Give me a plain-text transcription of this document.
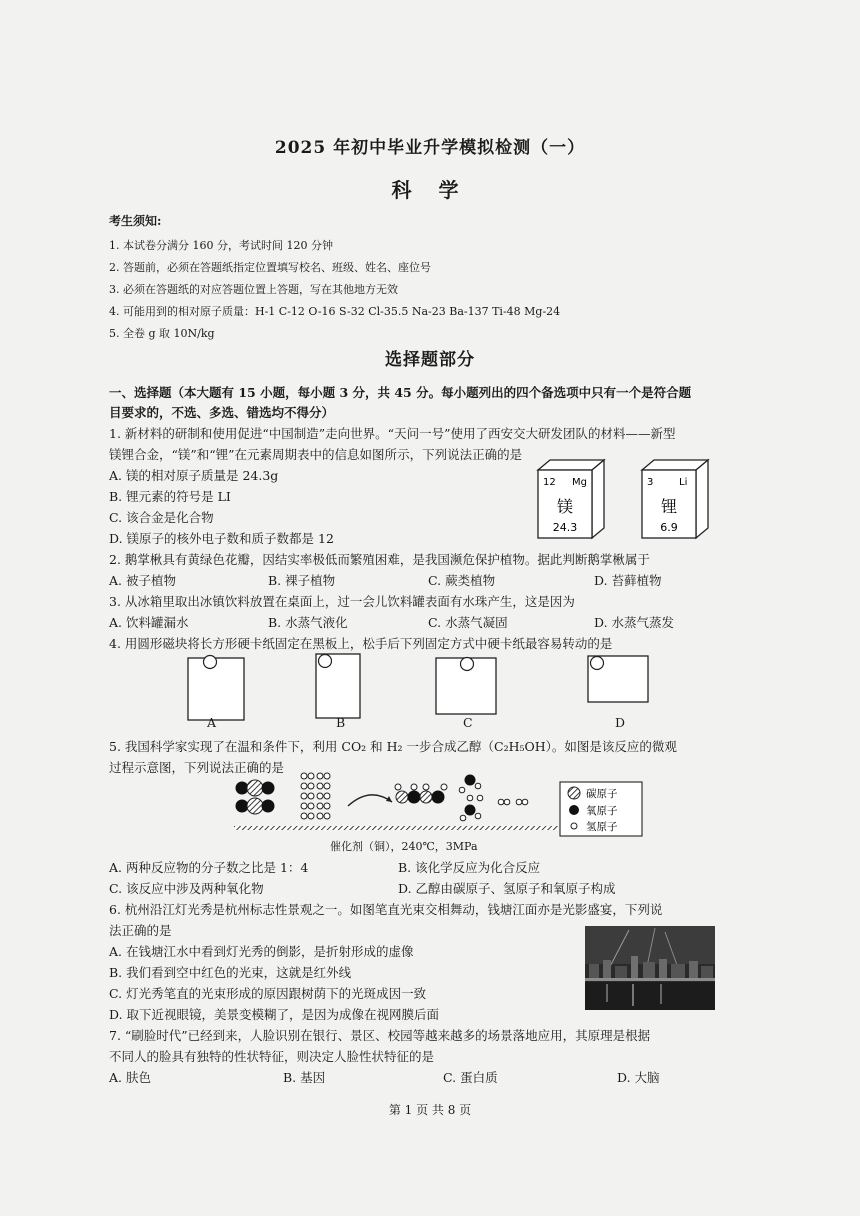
2025 年初中毕业升学模拟检测（一）
科 学
考生须知:
1. 本试卷分满分 160 分，考试时间 120 分钟
2. 答题前，必须在答题纸指定位置填写校名、班级、姓名、座位号
3. 必须在答题纸的对应答题位置上答题，写在其他地方无效
4. 可能用到的相对原子质量：H-1 C-12 O-16 S-32 Cl-35.5 Na-23 Ba-137 Ti-48 Mg-24
5. 全卷 g 取 10N/kg
选择题部分
一、选择题（本大题有 15 小题，每小题 3 分，共 45 分。每小题列出的四个备选项中只有一个是符合题
目要求的，不选、多选、错选均不得分）
1. 新材料的研制和使用促进“中国制造”走向世界。“天问一号”使用了西安交大研发团队的材料——新型
镁锂合金，“镁”和“锂”在元素周期表中的信息如图所示，下列说法正确的是
A. 镁的相对原子质量是 24.3g
B. 锂元素的符号是 LI
C. 该合金是化合物
D. 镁原子的核外电子数和质子数都是 12
12 Mg
镁
24.3
3	Li
锂
6.9
2. 鹅掌楸具有黄绿色花瓣，因结实率极低而繁殖困难，是我国濒危保护植物。据此判断鹅掌楸属于
A. 被子植物	B. 裸子植物	C. 蕨类植物	D. 苔藓植物
3. 从冰箱里取出冰镇饮料放置在桌面上，过一会儿饮料罐表面有水珠产生，这是因为
A. 饮料罐漏水	B. 水蒸气液化	C. 水蒸气凝固	D. 水蒸气蒸发
4. 用圆形磁块将长方形硬卡纸固定在黑板上，松手后下列固定方式中硬卡纸最容易转动的是
A	B	C	D
5. 我国科学家实现了在温和条件下，利用 CO₂ 和 H₂ 一步合成乙醇（C₂H₅OH）。如图是该反应的微观
过程示意图，下列说法正确的是
碳原子
氧原子
氢原子
催化剂（铜），240℃，3MPa
A. 两种反应物的分子数之比是 1：4	B. 该化学反应为化合反应
C. 该反应中涉及两种氧化物	D. 乙醇由碳原子、氢原子和氧原子构成
6. 杭州沿江灯光秀是杭州标志性景观之一。如图笔直光束交相舞动，钱塘江面亦是光影盛宴，下列说
法正确的是
A. 在钱塘江水中看到灯光秀的倒影，是折射形成的虚像
B. 我们看到空中红色的光束，这就是红外线
C. 灯光秀笔直的光束形成的原因跟树荫下的光斑成因一致
D. 取下近视眼镜，美景变模糊了，是因为成像在视网膜后面
7. “刷脸时代”已经到来，人脸识别在银行、景区、校园等越来越多的场景落地应用，其原理是根据
不同人的脸具有独特的性状特征，则决定人脸性状特征的是
A. 肤色	B. 基因	C. 蛋白质	D. 大脑
第 1 页 共 8 页
